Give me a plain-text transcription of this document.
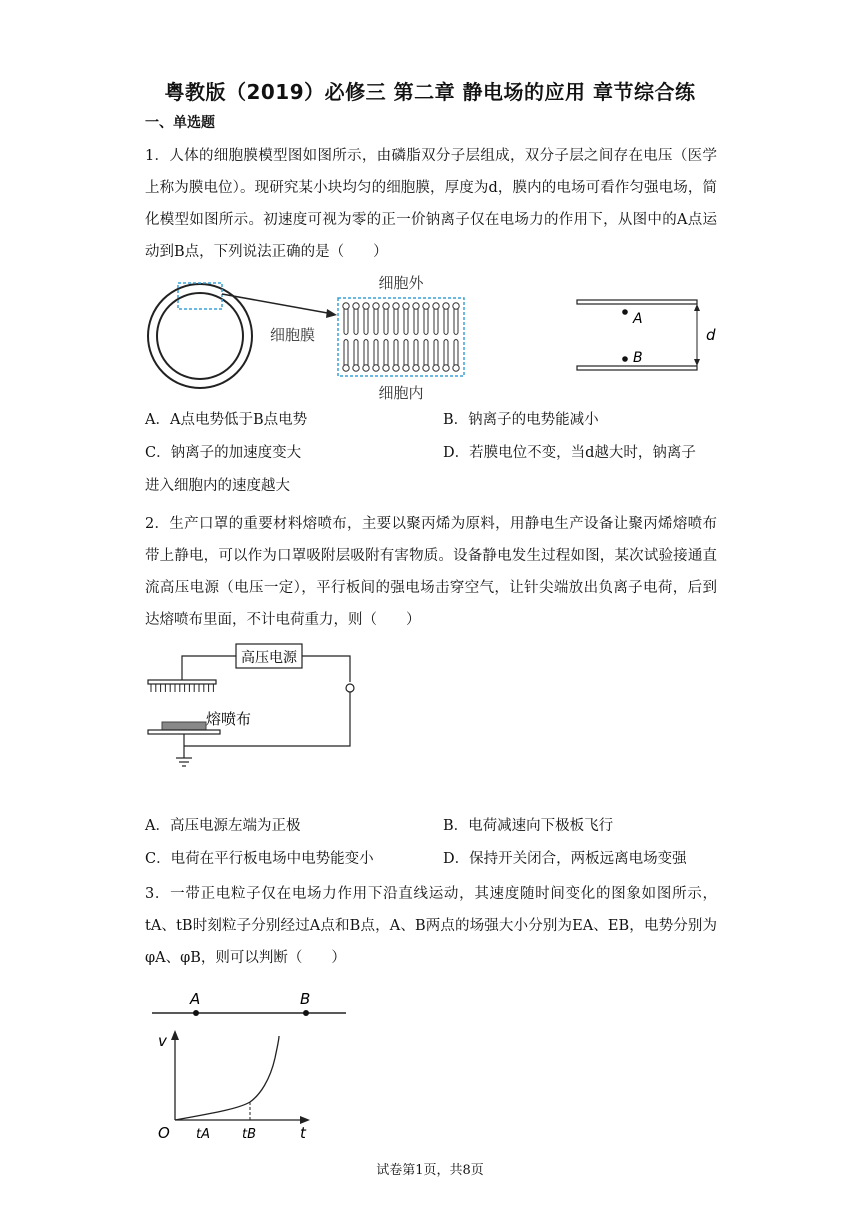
粤教版（2019）必修三 第二章 静电场的应用 章节综合练
一、单选题
1．人体的细胞膜模型图如图所示，由磷脂双分子层组成，双分子层之间存在电压（医学上称为膜电位）。现研究某小块均匀的细胞膜，厚度为d，膜内的电场可看作匀强电场，简化模型如图所示。初速度可视为零的正一价钠离子仅在电场力的作用下，从图中的A点运动到B点，下列说法正确的是（　　）
细胞外
细胞膜
细胞内
A
B
d
A．A点电势低于B点电势	B．钠离子的电势能减小
C．钠离子的加速度变大	D．若膜电位不变，当d越大时，钠离子
进入细胞内的速度越大
2．生产口罩的重要材料熔喷布，主要以聚丙烯为原料，用静电生产设备让聚丙烯熔喷布带上静电，可以作为口罩吸附层吸附有害物质。设备静电发生过程如图，某次试验接通直流高压电源（电压一定），平行板间的强电场击穿空气，让针尖端放出负离子电荷，后到达熔喷布里面，不计电荷重力，则（　　）
高压电源
熔喷布
A．高压电源左端为正极	B．电荷减速向下极板飞行
C．电荷在平行板电场中电势能变小	D．保持开关闭合，两板远离电场变强
3．一带正电粒子仅在电场力作用下沿直线运动，其速度随时间变化的图象如图所示，tA、tB时刻粒子分别经过A点和B点，A、B两点的场强大小分别为EA、EB，电势分别为φA、φB，则可以判断（　　）
A	B
v
O	t
tA tB
试卷第1页，共8页
